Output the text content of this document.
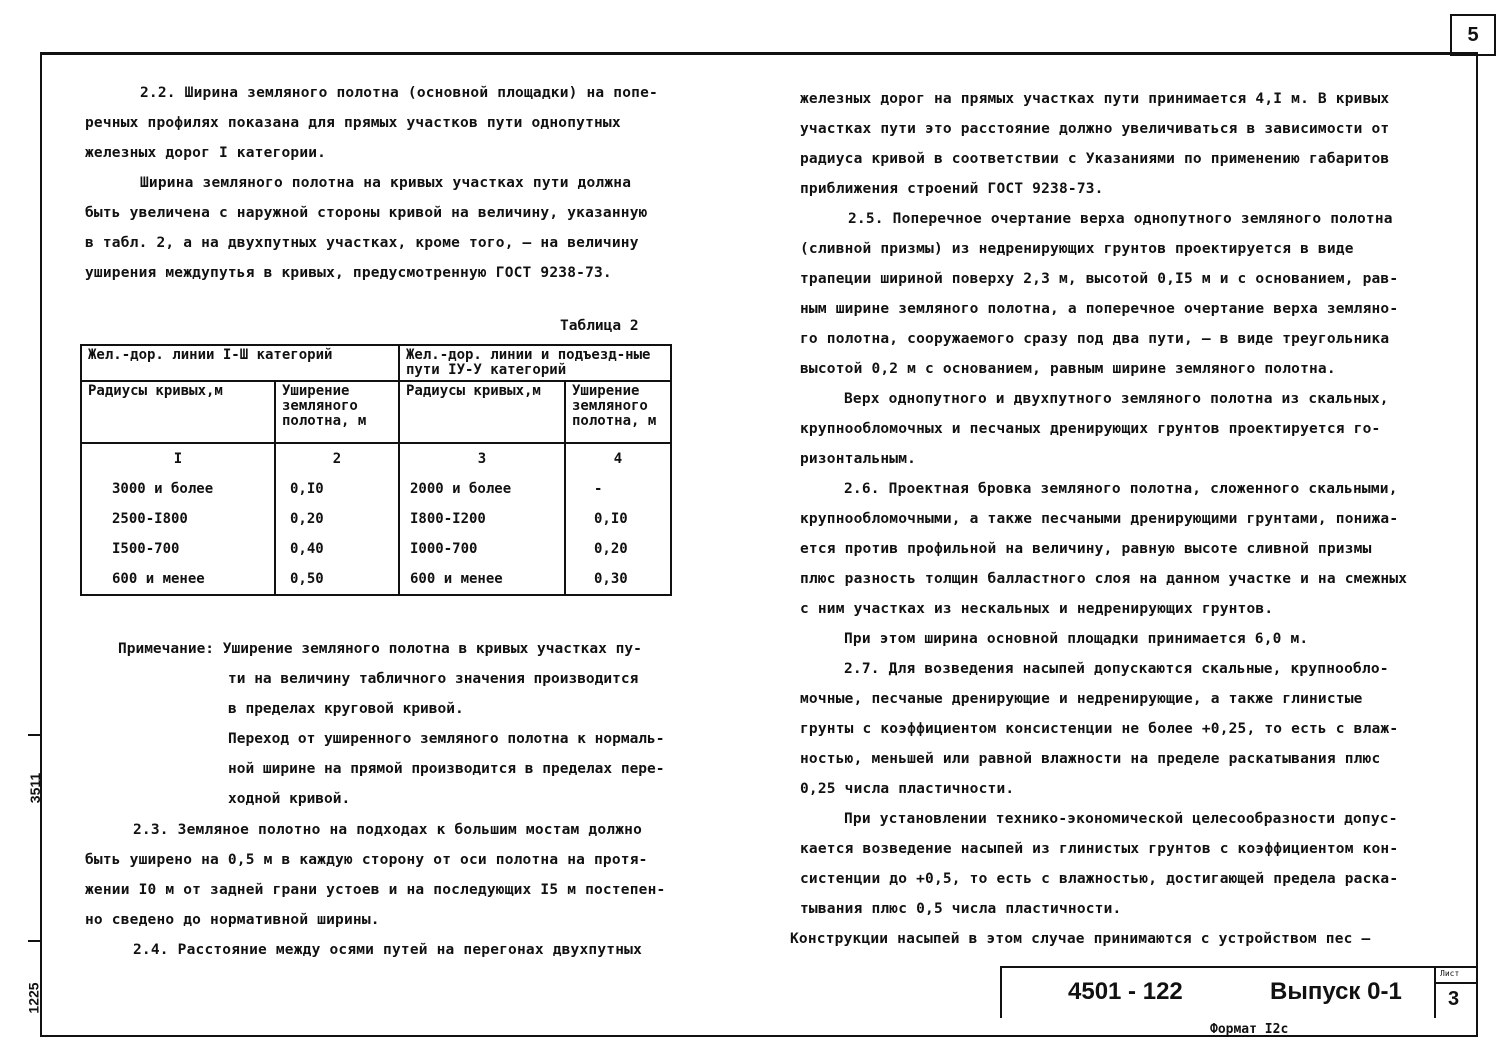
5
3511
1225

2.2. Ширина земляного полотна (основной площадки) на попе-

речных профилях показана для прямых участков пути однопутных

железных дорог I категории.

Ширина земляного полотна на кривых участках пути должна

быть увеличена с наружной стороны кривой на величину, указанную

в табл. 2, а на двухпутных участках, кроме того, — на величину

уширения междупутья в кривых, предусмотренную ГОСТ 9238-73.

Таблица 2
Жел.-дор. линии I-Ш категорий		Жел.-дор. линии и подъезд-ные пути IУ-У категорий	
Радиусы кривых,м	Уширение земляного полотна, м	Радиусы кривых,м	Уширение земляного полотна, м
I	2	3	4
3000 и более	0,I0	2000 и более	-
2500-I800	0,20	I800-I200	0,I0
I500-700	0,40	I000-700	0,20
600 и менее	0,50	600 и менее	0,30

Примечание: Уширение земляного полотна в кривых участках пу-

ти на величину табличного значения производится

в пределах круговой кривой.

Переход от уширенного земляного полотна к нормаль-

ной ширине на прямой производится в пределах пере-

ходной кривой.

2.3. Земляное полотно на подходах к большим мостам должно

быть уширено на 0,5 м в каждую сторону от оси полотна на протя-

жении I0 м от задней грани устоев и на последующих I5 м постепен-

но сведено до нормативной ширины.

2.4. Расстояние между осями путей на перегонах двухпутных

железных дорог на прямых участках пути принимается 4,I м. В кривых

участках пути это расстояние должно увеличиваться в зависимости от

радиуса кривой в соответствии с Указаниями по применению габаритов

приближения строений ГОСТ 9238-73.

2.5. Поперечное очертание верха однопутного земляного полотна

(сливной призмы) из недренирующих грунтов проектируется в виде

трапеции шириной поверху 2,3 м, высотой 0,I5 м и с основанием, рав-

ным ширине земляного полотна, а поперечное очертание верха земляно-

го полотна, сооружаемого сразу под два пути, — в виде треугольника

высотой 0,2 м с основанием, равным ширине земляного полотна.

Верх однопутного и двухпутного земляного полотна из скальных,

крупнообломочных и песчаных дренирующих грунтов проектируется го-

ризонтальным.

2.6. Проектная бровка земляного полотна, сложенного скальными,

крупнообломочными, а также песчаными дренирующими грунтами, понижа-

ется против профильной на величину, равную высоте сливной призмы

плюс разность толщин балластного слоя на данном участке и на смежных

с ним участках из нескальных и недренирующих грунтов.

При этом ширина основной площадки принимается 6,0 м.

2.7. Для возведения насыпей допускаются скальные, крупнообло-

мочные, песчаные дренирующие и недренирующие, а также глинистые

грунты с коэффициентом консистенции не более +0,25, то есть с влаж-

ностью, меньшей или равной влажности на пределе раскатывания плюс

0,25 числа пластичности.

При установлении технико-экономической целесообразности допус-

кается возведение насыпей из глинистых грунтов с коэффициентом кон-

систенции до +0,5, то есть с влажностью, достигающей предела раска-

тывания плюс 0,5 числа пластичности.

Конструкции насыпей в этом случае принимаются с устройством пес —

4501 - 122	Выпуск 0-1
Лист
3
Формат I2с
